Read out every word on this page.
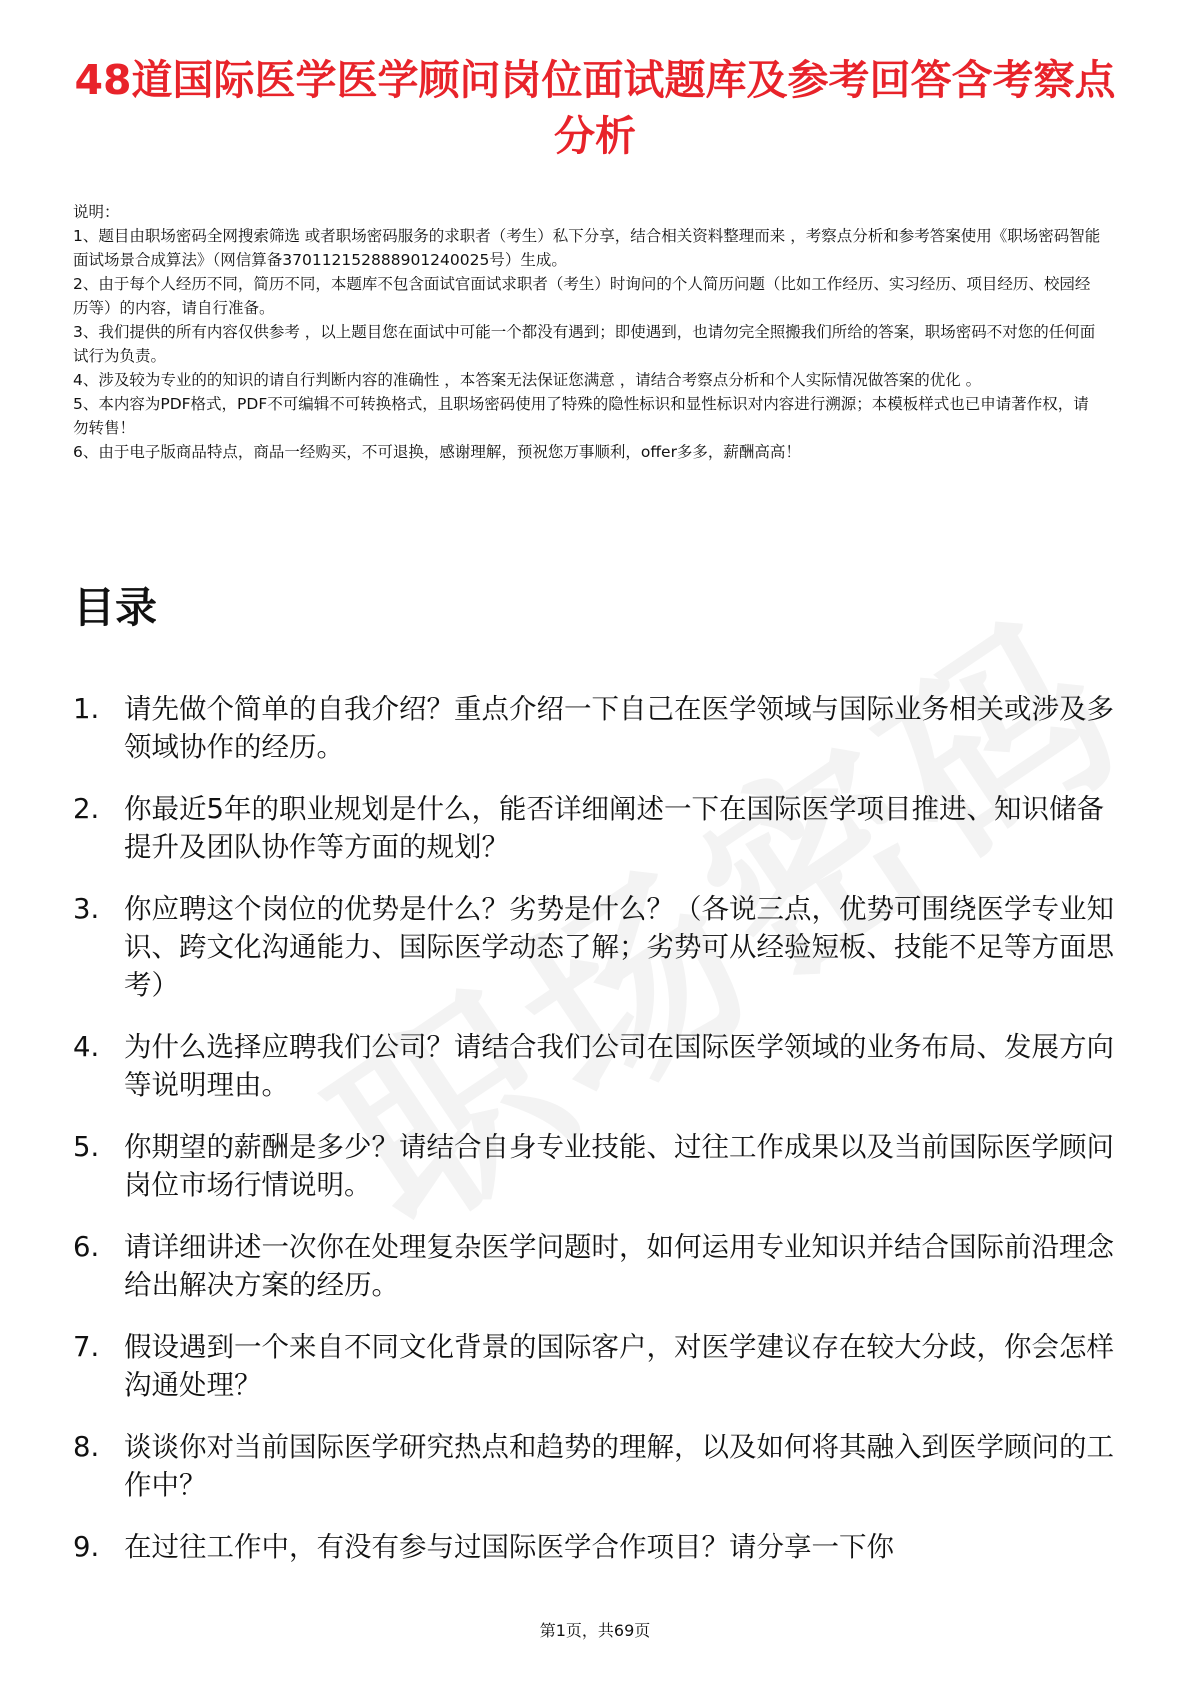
48道国际医学医学顾问岗位面试题库及参考回答含考察点分析

说明：

1、题目由职场密码全网搜索筛选 或者职场密码服务的求职者（考生）私下分享，结合相关资料整理而来 ，考察点分析和参考答案使用《职场密码智能面试场景合成算法》（网信算备370112152888901240025号）生成。

2、由于每个人经历不同，简历不同，本题库不包含面试官面试求职者（考生）时询问的个人简历问题（比如工作经历、实习经历、项目经历、校园经历等）的内容，请自行准备。

3、我们提供的所有内容仅供参考 ，以上题目您在面试中可能一个都没有遇到；即使遇到，也请勿完全照搬我们所给的答案，职场密码不对您的任何面试行为负责。

4、涉及较为专业的的知识的请自行判断内容的准确性 ，本答案无法保证您满意 ，请结合考察点分析和个人实际情况做答案的优化 。

5、本内容为PDF格式，PDF不可编辑不可转换格式，且职场密码使用了特殊的隐性标识和显性标识对内容进行溯源；本模板样式也已申请著作权，请勿转售！

6、由于电子版商品特点，商品一经购买，不可退换，感谢理解，预祝您万事顺利，offer多多，薪酬高高！

目录
1. 请先做个简单的自我介绍？重点介绍一下自己在医学领域与国际业务相关或涉及多领域协作的经历。
2. 你最近5年的职业规划是什么，能否详细阐述一下在国际医学项目推进、知识储备提升及团队协作等方面的规划？
3. 你应聘这个岗位的优势是什么？劣势是什么？（各说三点，优势可围绕医学专业知识、跨文化沟通能力、国际医学动态了解；劣势可从经验短板、技能不足等方面思考）
4. 为什么选择应聘我们公司？请结合我们公司在国际医学领域的业务布局、发展方向等说明理由。
5. 你期望的薪酬是多少？请结合自身专业技能、过往工作成果以及当前国际医学顾问岗位市场行情说明。
6. 请详细讲述一次你在处理复杂医学问题时，如何运用专业知识并结合国际前沿理念给出解决方案的经历。
7. 假设遇到一个来自不同文化背景的国际客户，对医学建议存在较大分歧，你会怎样沟通处理？
8. 谈谈你对当前国际医学研究热点和趋势的理解，以及如何将其融入到医学顾问的工作中？
9. 在过往工作中，有没有参与过国际医学合作项目？请分享一下你
第1页，共69页
